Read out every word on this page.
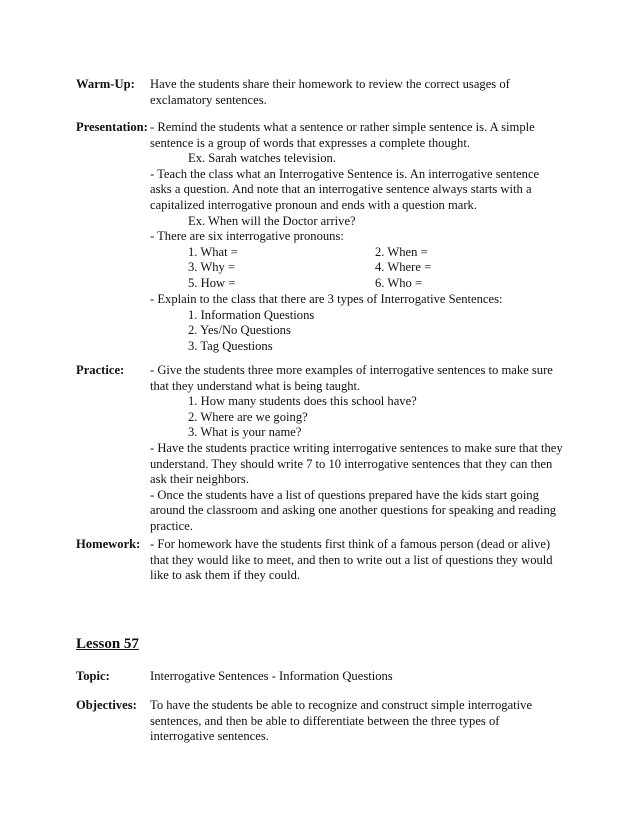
Warm-Up: Have the students share their homework to review the correct usages of
exclamatory sentences.
Presentation: - Remind the students what a sentence or rather simple sentence is. A simple
sentence is a group of words that expresses a complete thought.
Ex. Sarah watches television.
- Teach the class what an Interrogative Sentence is. An interrogative sentence
asks a question. And note that an interrogative sentence always starts with a
capitalized interrogative pronoun and ends with a question mark.
Ex. When will the Doctor arrive?
- There are six interrogative pronouns:
1. What =	2. When =
3. Why =	4. Where =
5. How =	6. Who =
- Explain to the class that there are 3 types of Interrogative Sentences:
1. Information Questions
2. Yes/No Questions
3. Tag Questions
Practice: - Give the students three more examples of interrogative sentences to make sure
that they understand what is being taught.
1. How many students does this school have?
2. Where are we going?
3. What is your name?
- Have the students practice writing interrogative sentences to make sure that they
understand. They should write 7 to 10 interrogative sentences that they can then
ask their neighbors.
- Once the students have a list of questions prepared have the kids start going
around the classroom and asking one another questions for speaking and reading
practice.
Homework: - For homework have the students first think of a famous person (dead or alive)
that they would like to meet, and then to write out a list of questions they would
like to ask them if they could.
Lesson 57
Topic:	Interrogative Sentences - Information Questions
Objectives: To have the students be able to recognize and construct simple interrogative
sentences, and then be able to differentiate between the three types of
interrogative sentences.
